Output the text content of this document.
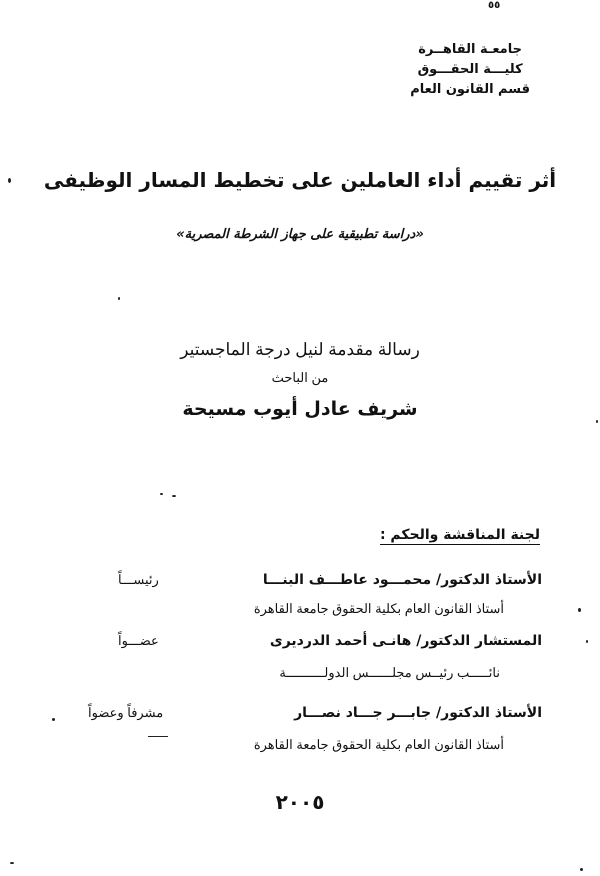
٥٥
جامعـة القاهــرة
كليـــة الحقـــوق
قسم القانون العام
أثر تقييم أداء العاملين على تخطيط المسار الوظيفى
«دراسة تطبيقية على جهاز الشرطة المصرية»
رسالة مقدمة لنيل درجة الماجستير
من الباحث
شريف عادل أيوب مسيحة
لجنة المناقشة والحكم :
الأستاذ الدكتور/ محمـــود عاطـــف البنـــا
رئيســـاً
أستاذ القانون العام بكلية الحقوق جامعة القاهرة
المستشار الدكتور/ هانـى أحمد الدرديرى
عضـــواً
نائـــــب رئيــس مجلــــــس الدولــــــــــة
الأستاذ الدكتور/ جابـــر جـــاد نصـــار
مشرفاً وعضواً
أستاذ القانون العام بكلية الحقوق جامعة القاهرة
٢٠٠٥
